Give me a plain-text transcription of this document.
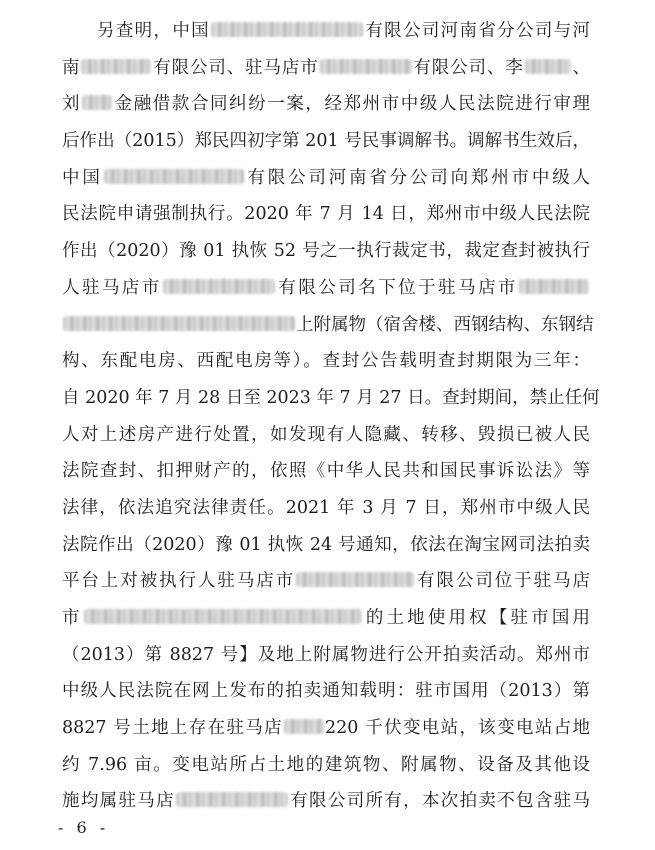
另查明，中国	有限公司河南省分公司与河
南	有限公司、驻马店市	有限公司、李	、
刘 金融借款合同纠纷一案，经郑州市中级人民法院进行审理
后作出（2015）郑民四初字第 201 号民事调解书。调解书生效后，
中国	有限公司河南省分公司向郑州市中级人
民法院申请强制执行。2020 年 7 月 14 日，郑州市中级人民法院
作出（2020）豫 01 执恢 52 号之一执行裁定书，裁定查封被执行
人驻马店市	有限公司名下位于驻马店市
上附属物（宿舍楼、西钢结构、东钢结
构、东配电房、西配电房等）。查封公告载明查封期限为三年：
自 2020 年 7 月 28 日至 2023 年 7 月 27 日。查封期间，禁止任何
人对上述房产进行处置，如发现有人隐藏、转移、毁损已被人民
法院查封、扣押财产的，依照《中华人民共和国民事诉讼法》等
法律，依法追究法律责任。2021 年 3 月 7 日，郑州市中级人民
法院作出（2020）豫 01 执恢 24 号通知，依法在淘宝网司法拍卖
平台上对被执行人驻马店市	有限公司位于驻马店
市	的土地使用权【驻市国用
（2013）第 8827 号】及地上附属物进行公开拍卖活动。郑州市
中级人民法院在网上发布的拍卖通知载明：驻市国用（2013）第
8827 号土地上存在驻马店 220 千伏变电站，该变电站占地
约 7.96 亩。变电站所占土地的建筑物、附属物、设备及其他设
施均属驻马店	有限公司所有，本次拍卖不包含驻马
- 6 -
